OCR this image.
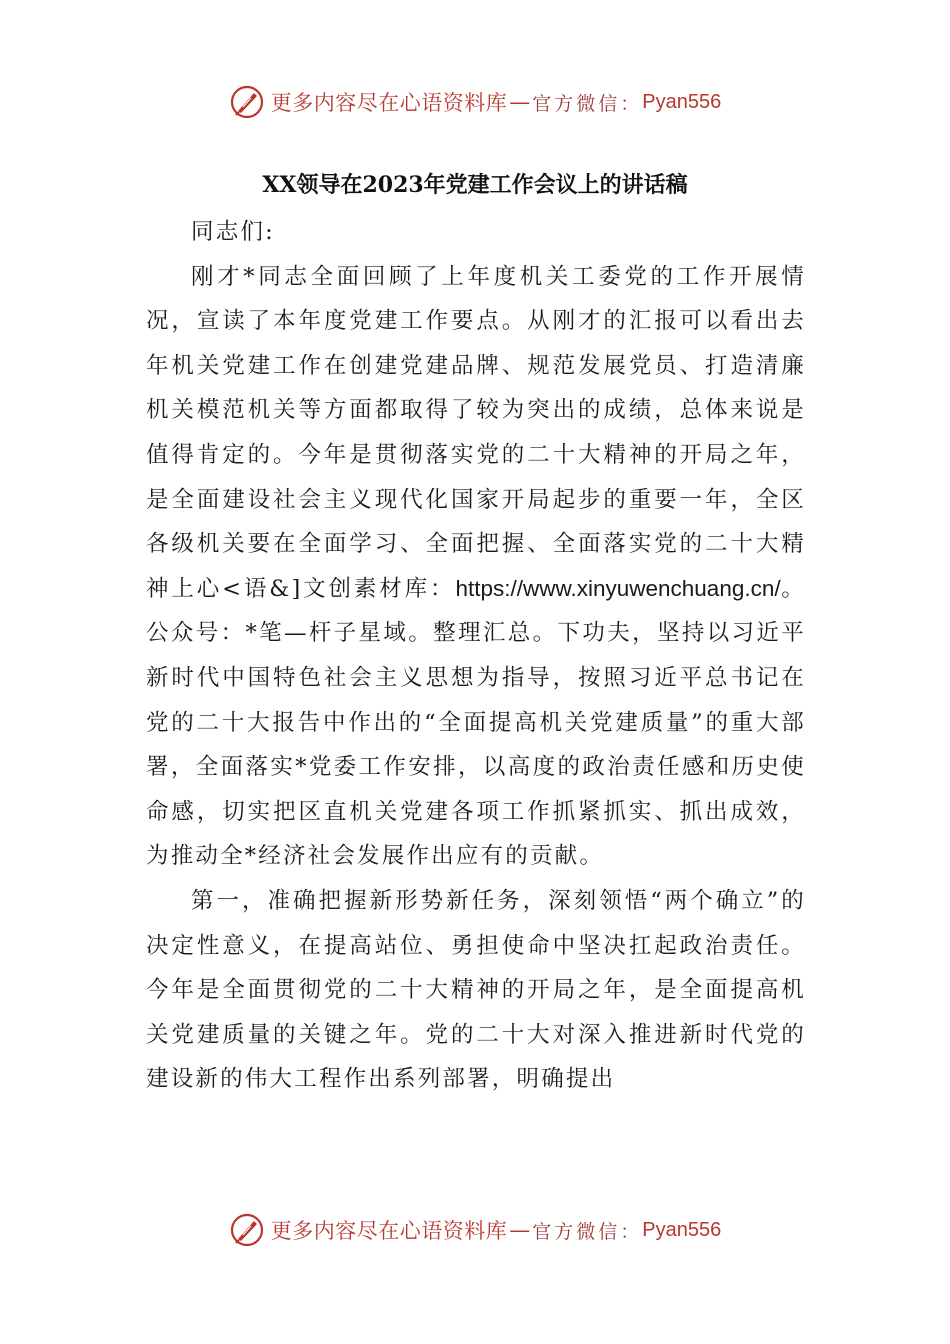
更多内容尽在心语资料库 — 官方微信： Pyan556
XX领导在2023年党建工作会议上的讲话稿

同志们:

刚才*同志全面回顾了上年度机关工委党的工作开展情况，宣读了本年度党建工作要点。从刚才的汇报可以看出去年机关党建工作在创建党建品牌、规范发展党员、打造清廉机关模范机关等方面都取得了较为突出的成绩，总体来说是值得肯定的。今年是贯彻落实党的二十大精神的开局之年，是全面建设社会主义现代化国家开局起步的重要一年，全区各级机关要在全面学习、全面把握、全面落实党的二十大精神上心<语&]文创素材库：https://www.xinyuwenchuang.cn/。公众号：*笔—杆子星域。整理汇总。下功夫，坚持以习近平新时代中国特色社会主义思想为指导，按照习近平总书记在党的二十大报告中作出的“全面提高机关党建质量”的重大部署，全面落实*党委工作安排，以高度的政治责任感和历史使命感，切实把区直机关党建各项工作抓紧抓实、抓出成效，为推动全*经济社会发展作出应有的贡献。

第一，准确把握新形势新任务，深刻领悟“两个确立”的决定性意义，在提高站位、勇担使命中坚决扛起政治责任。今年是全面贯彻党的二十大精神的开局之年，是全面提高机关党建质量的关键之年。党的二十大对深入推进新时代党的建设新的伟大工程作出系列部署，明确提出

更多内容尽在心语资料库 — 官方微信： Pyan556
